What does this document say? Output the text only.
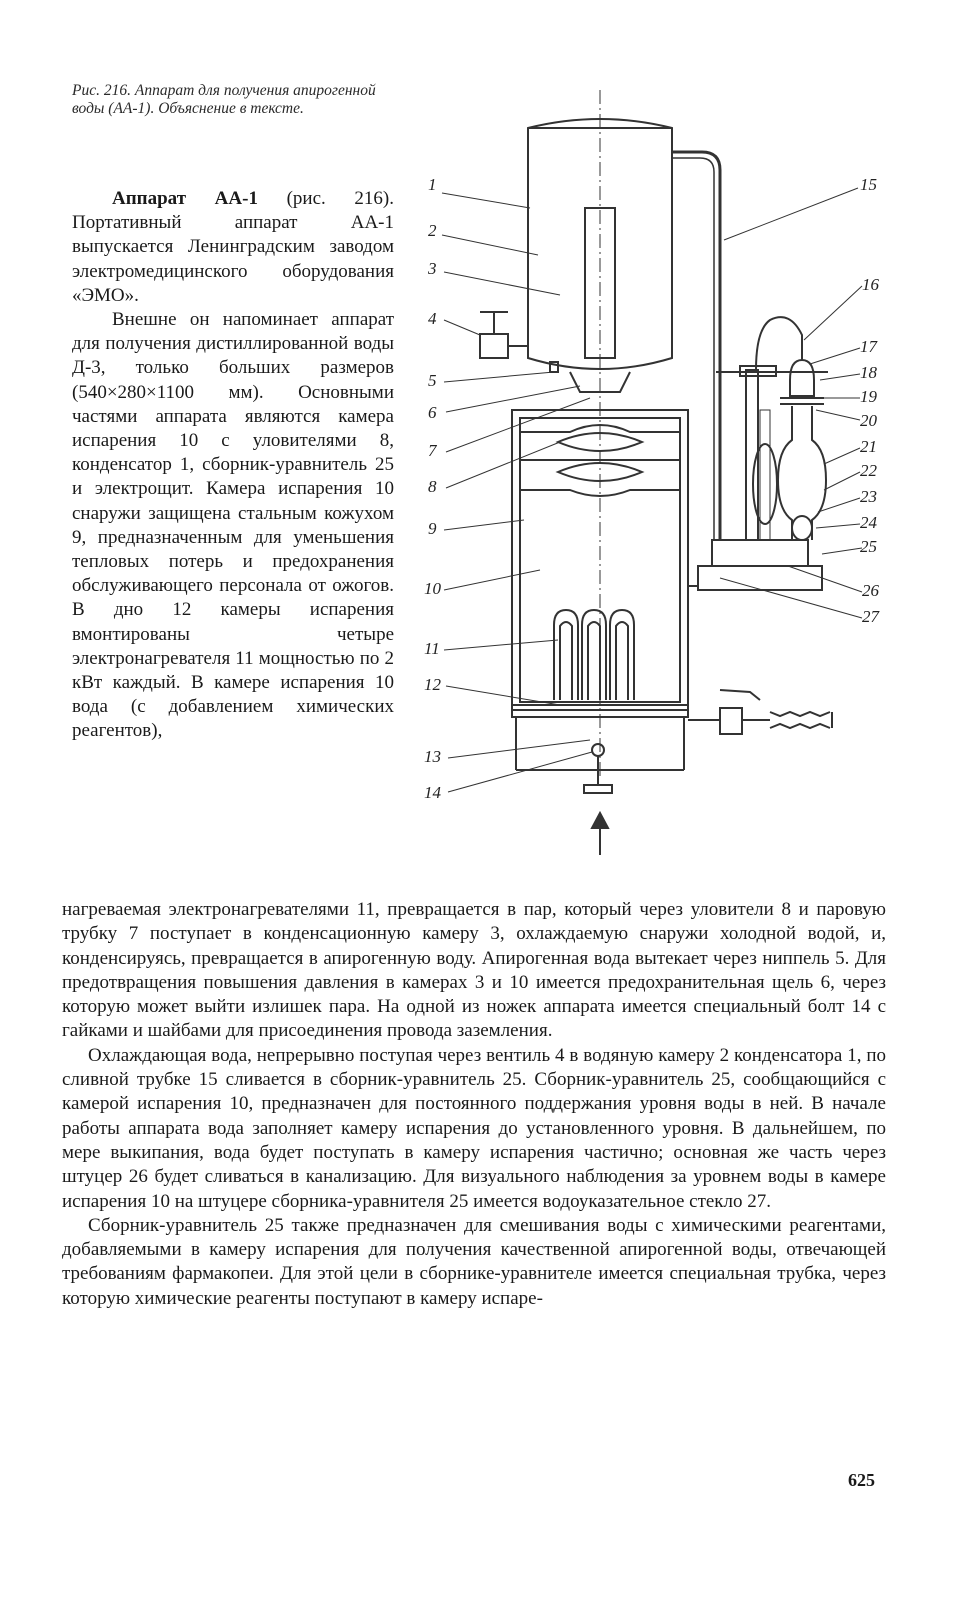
Рис. 216. Аппарат для получения апирогенной воды (АА-1). Объяснение в тексте.

Аппарат АА-1 (рис. 216). Портативный аппарат АА-1 выпускается Ленинградским заводом электромедицинского оборудования «ЭМО».

Внешне он напоминает аппарат для получения дистиллированной воды Д-3, только больших размеров (540×280×1100 мм). Основными частями аппарата являются камера испарения 10 с уловителями 8, конденсатор 1, сборник-уравнитель 25 и электрощит. Камера испарения 10 снаружи защищена стальным кожухом 9, предназначенным для уменьшения тепловых потерь и предохранения обслуживающего персонала от ожогов. В дно 12 камеры испарения вмонтированы четыре электронагревателя 11 мощностью по 2 кВт каждый. В камере испарения 10 вода (с добавлением химических реагентов),

1
2
3
4
5
6
7
8
9
10
11
12
13
14
15
16
17
18
19
20
21
22
23
24
25
26
27

нагреваемая электронагревателями 11, превращается в пар, который через уловители 8 и паровую трубку 7 поступает в конденсационную камеру 3, охлаждаемую снаружи холодной водой, и, конденсируясь, превращается в апирогенную воду. Апирогенная вода вытекает через ниппель 5. Для предотвращения повышения давления в камерах 3 и 10 имеется предохранительная щель 6, через которую может выйти излишек пара. На одной из ножек аппарата имеется специальный болт 14 с гайками и шайбами для присоединения провода заземления.

Охлаждающая вода, непрерывно поступая через вентиль 4 в водяную камеру 2 конденсатора 1, по сливной трубке 15 сливается в сборник-уравнитель 25. Сборник-уравнитель 25, сообщающийся с камерой испарения 10, предназначен для постоянного поддержания уровня воды в ней. В начале работы аппарата вода заполняет камеру испарения до установленного уровня. В дальнейшем, по мере выкипания, вода будет поступать в камеру испарения частично; основная же часть через штуцер 26 будет сливаться в канализацию. Для визуального наблюдения за уровнем воды в камере испарения 10 на штуцере сборника-уравнителя 25 имеется водоуказательное стекло 27.

Сборник-уравнитель 25 также предназначен для смешивания воды с химическими реагентами, добавляемыми в камеру испарения для получения качественной апирогенной воды, отвечающей требованиям фармакопеи. Для этой цели в сборнике-уравнителе имеется специальная трубка, через которую химические реагенты поступают в камеру испаре-

625
